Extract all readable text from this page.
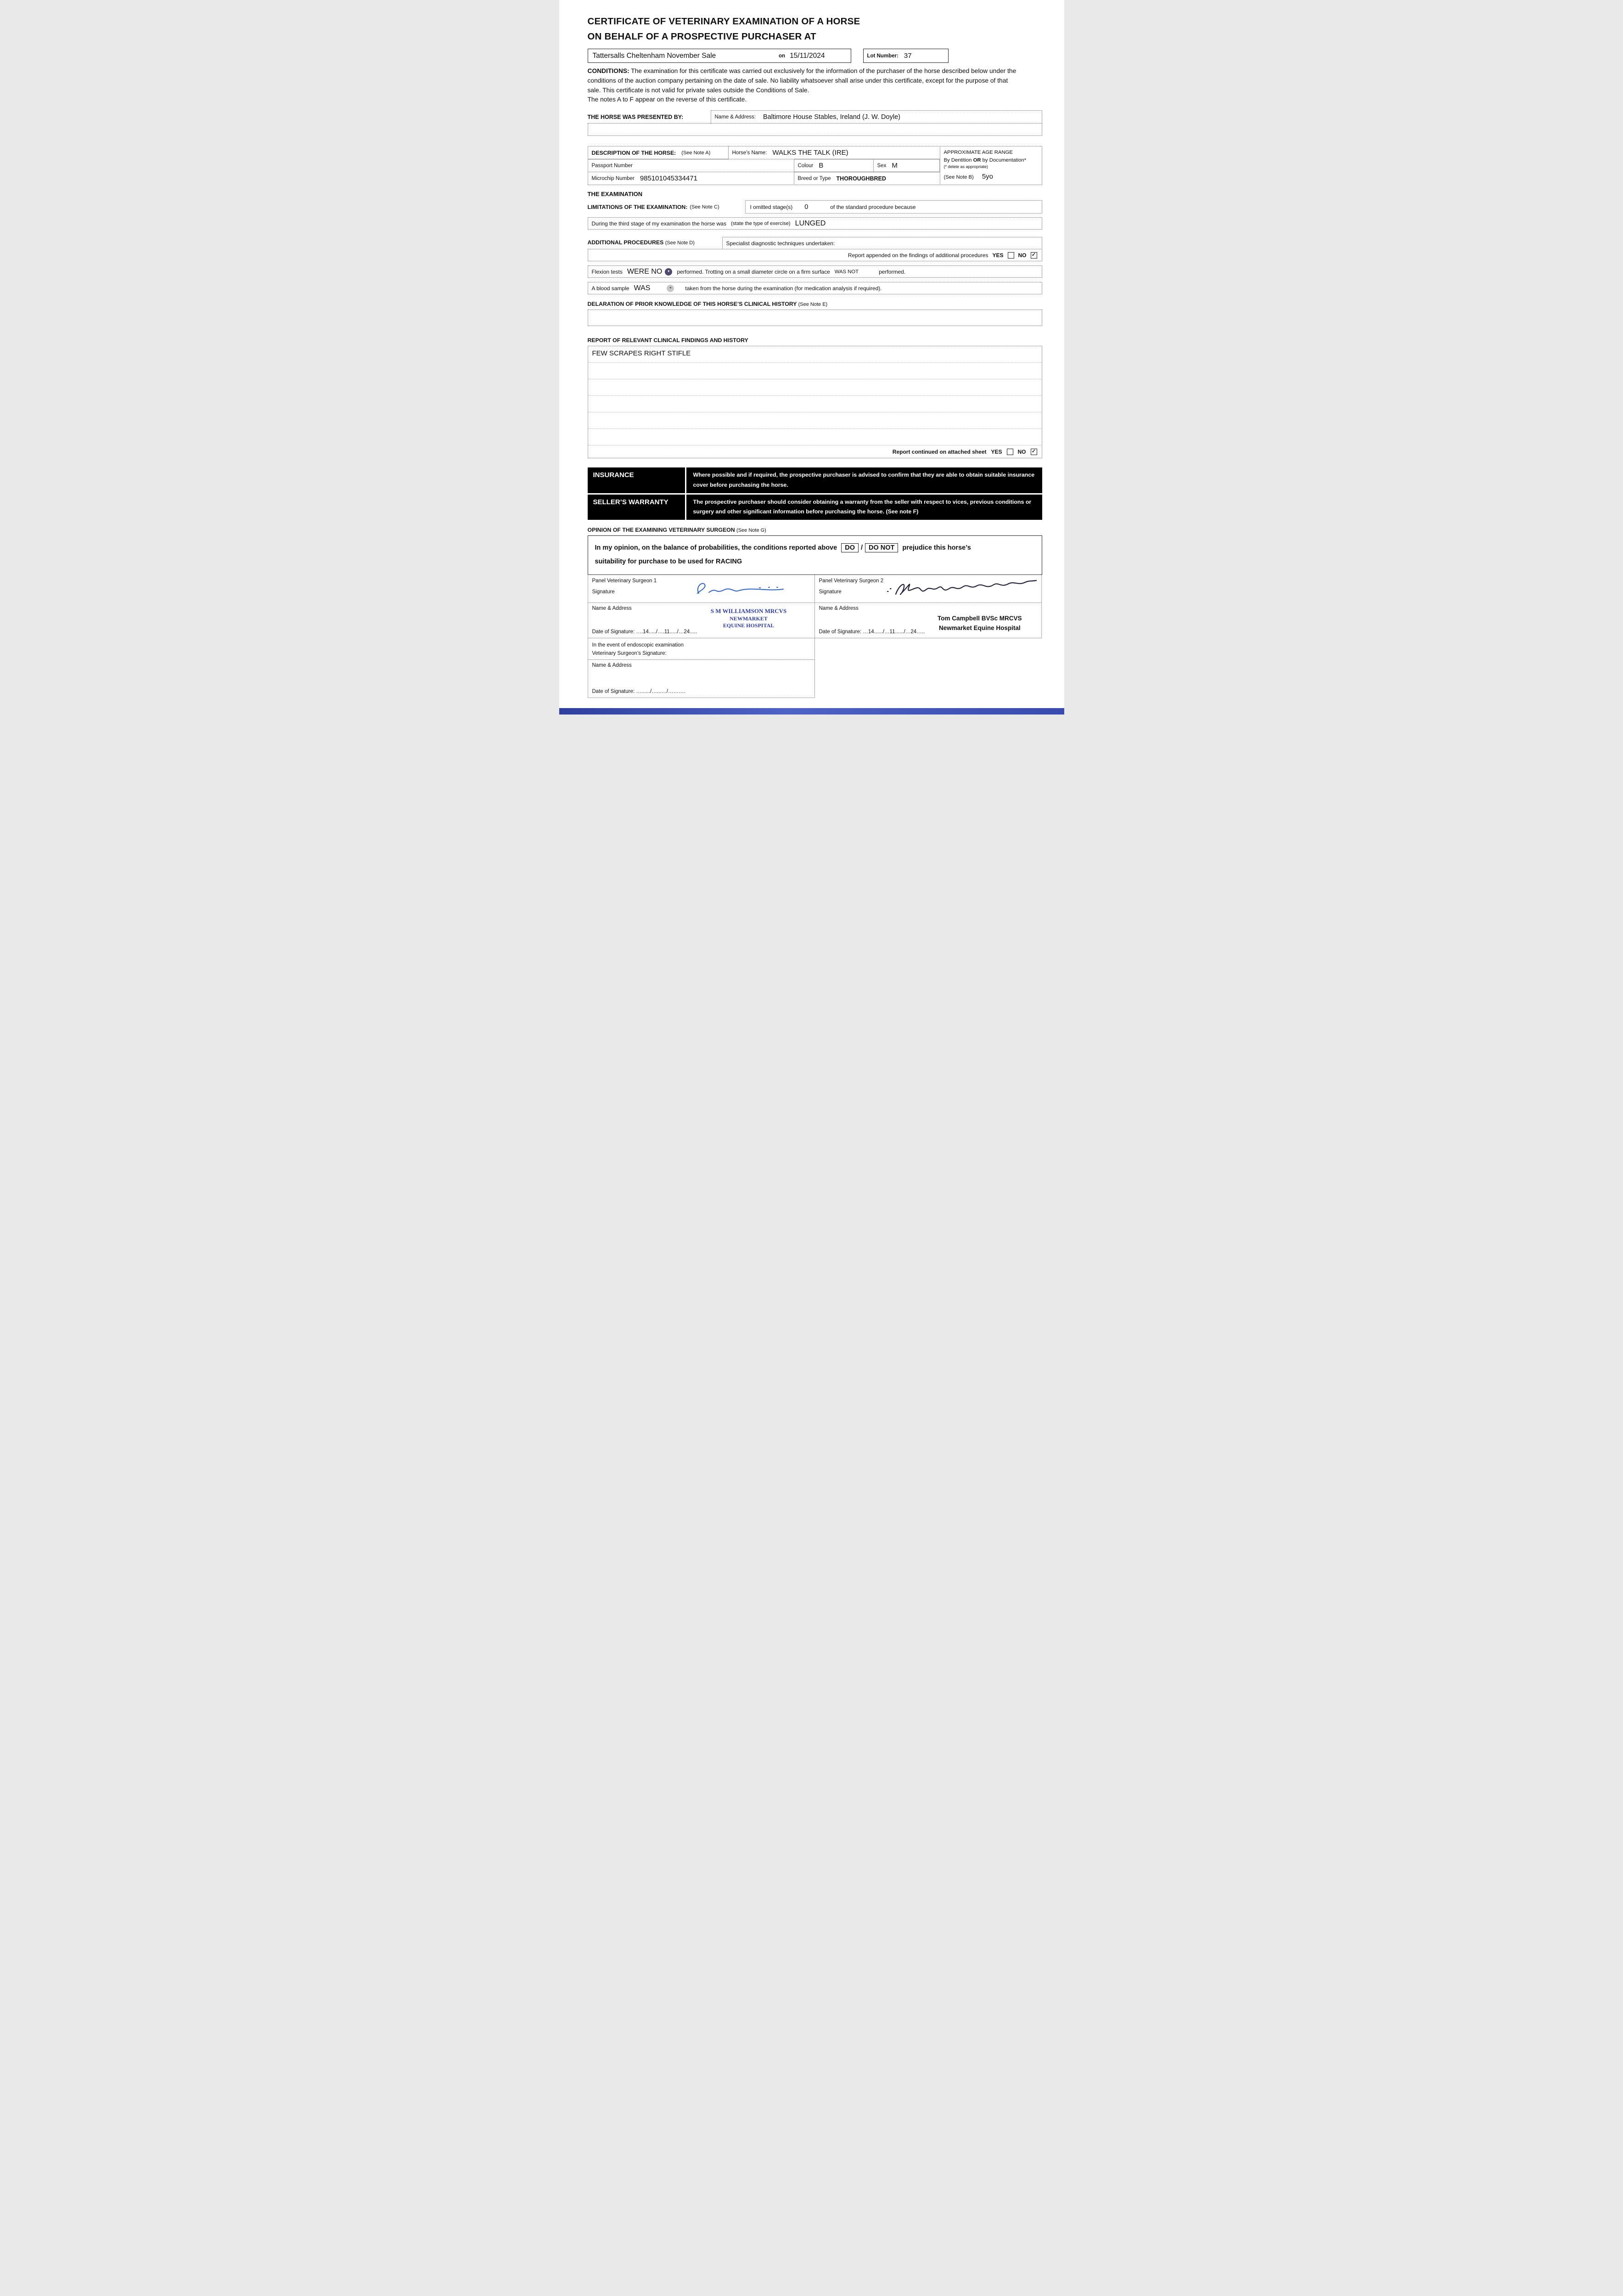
CERTIFICATE OF VETERINARY EXAMINATION OF A HORSE
ON BEHALF OF A PROSPECTIVE PURCHASER AT
Tattersalls Cheltenham November Sale	on 15/11/2024	Lot Number: 37

CONDITIONS: The examination for this certificate was carried out exclusively for the information of the purchaser of the horse described below under the conditions of the auction company pertaining on the date of sale. No liability whatsoever shall arise under this certificate, except for the purpose of that sale. This certificate is not valid for private sales outside the Conditions of Sale.
The notes A to F appear on the reverse of this certificate.

THE HORSE WAS PRESENTED BY:	Name & Address: Baltimore House Stables, Ireland (J. W. Doyle)
DESCRIPTION OF THE HORSE: (See Note A)	Horse’s Name: WALKS THE TALK (IRE)
Passport Number	Colour B	Sex M
Microchip Number 985101045334471	Breed or Type THOROUGHBRED
APPROXIMATE AGE RANGE
By Dentition OR by Documentation*
(* delete as appropriate)
(See Note B) 5yo
THE EXAMINATION
LIMITATIONS OF THE EXAMINATION: (See Note C)	I omitted stage(s) 0	of the standard procedure because
During the third stage of my examination the horse was (state the type of exercise) LUNGED
ADDITIONAL PROCEDURES (See Note D)	Specialist diagnostic techniques undertaken:
Report appended on the findings of additional procedures YES	NO ✓
Flexion tests WERE NO	▼	performed. Trotting on a small diameter circle on a firm surface WAS NOT	performed.
A blood sample WAS	▼	taken from the horse during the examination (for medication analysis if required).
DELARATION OF PRIOR KNOWLEDGE OF THIS HORSE’S CLINICAL HISTORY (See Note E)
REPORT OF RELEVANT CLINICAL FINDINGS AND HISTORY
FEW SCRAPES RIGHT STIFLE
Report continued on attached sheet YES	NO ✓
INSURANCE	Where possible and if required, the prospective purchaser is advised to confirm that they are able to obtain suitable insurance cover before purchasing the horse.
SELLER’S WARRANTY	The prospective purchaser should consider obtaining a warranty from the seller with respect to vices, previous conditions or surgery and other significant information before purchasing the horse. (See note F)
OPINION OF THE EXAMINING VETERINARY SURGEON (See Note G)
In my opinion, on the balance of probabilities, the conditions reported above DO / DO NOT prejudice this horse’s
suitability for purchase to be used for RACING
Panel Veterinary Surgeon 1
Signature
Panel Veterinary Surgeon 2
Signature
Name & Address	S M WILLIAMSON MRCVS
NEWMARKET
EQUINE HOSPITAL
Date of Signature: ….14...../….11...../…24.....
Name & Address
Tom Campbell BVSc MRCVS
Newmarket Equine Hospital
Date of Signature: …14....../…11....../…24…..
In the event of endoscopic examination
Veterinary Surgeon’s Signature:
Name & Address
Date of Signature: …....../…...…/……….
